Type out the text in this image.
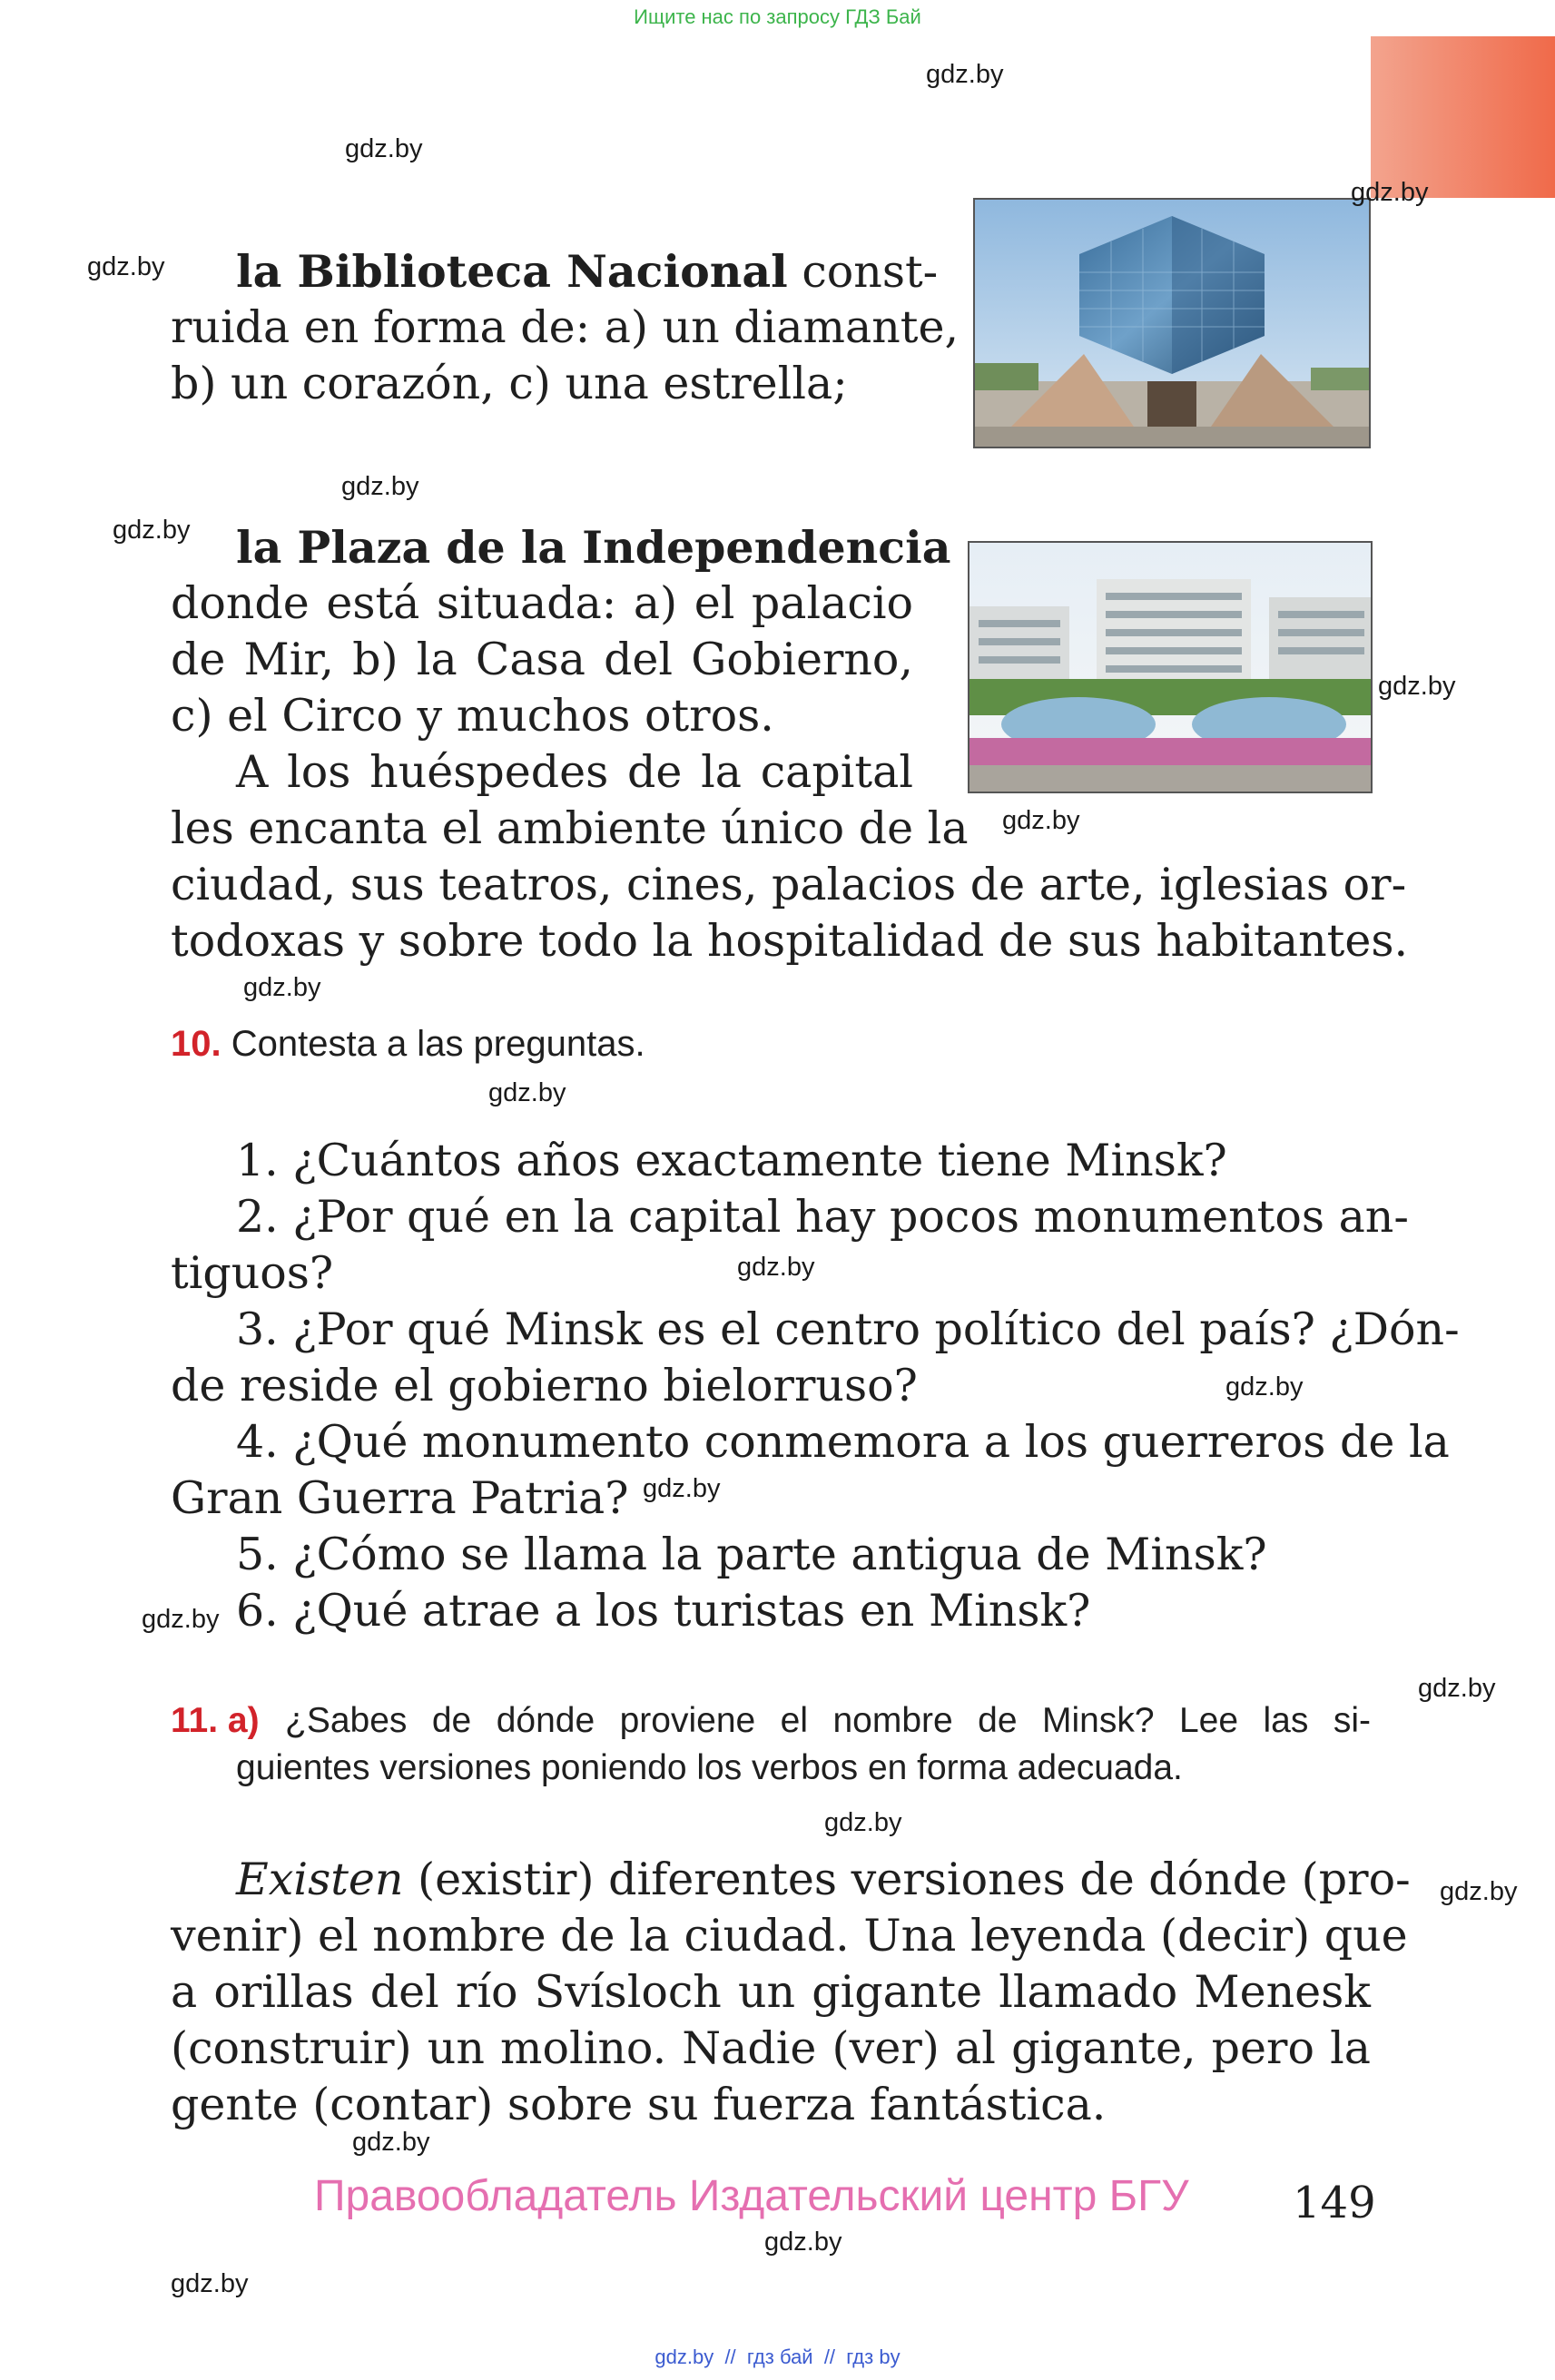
Ищите нас по запросу ГДЗ Бай
gdz.by
gdz.by
gdz.by
gdz.by
gdz.by
gdz.by
gdz.by
gdz.by
gdz.by
gdz.by
gdz.by
gdz.by
gdz.by
gdz.by
gdz.by
gdz.by
gdz.by
gdz.by
gdz.by
gdz.by
la Biblioteca Nacional const-
ruida en forma de: a) un diamante,
b) un corazón, c) una estrella;
la Plaza de la Independencia
donde está situada: a) el palacio
de Mir, b) la Casa del Gobierno,
c) el Circo y muchos otros.
A los huéspedes de la capital
les encanta el ambiente único de la
ciudad, sus teatros, cines, palacios de arte, iglesias or-
todoxas y sobre todo la hospitalidad de sus habitantes.
10. Contesta a las preguntas.
1. ¿Cuántos años exactamente tiene Minsk?
2. ¿Por qué en la capital hay pocos monumentos an-
tiguos?
3. ¿Por qué Minsk es el centro político del país? ¿Dón-
de reside el gobierno bielorruso?
4. ¿Qué monumento conmemora a los guerreros de la
Gran Guerra Patria?
5. ¿Cómo se llama la parte antigua de Minsk?
6. ¿Qué atrae a los turistas en Minsk?
11. a) ¿Sabes de dónde proviene el nombre de Minsk? Lee las si-
guientes versiones poniendo los verbos en forma adecuada.
Existen (existir) diferentes versiones de dónde (pro-
venir) el nombre de la ciudad. Una leyenda (decir) que
a orillas del río Svísloch un gigante llamado Menesk
(construir) un molino. Nadie (ver) al gigante, pero la
gente (contar) sobre su fuerza fantástica.
Правообладатель Издательский центр БГУ 149
gdz.by  //  гдз бай  //  гдз by
